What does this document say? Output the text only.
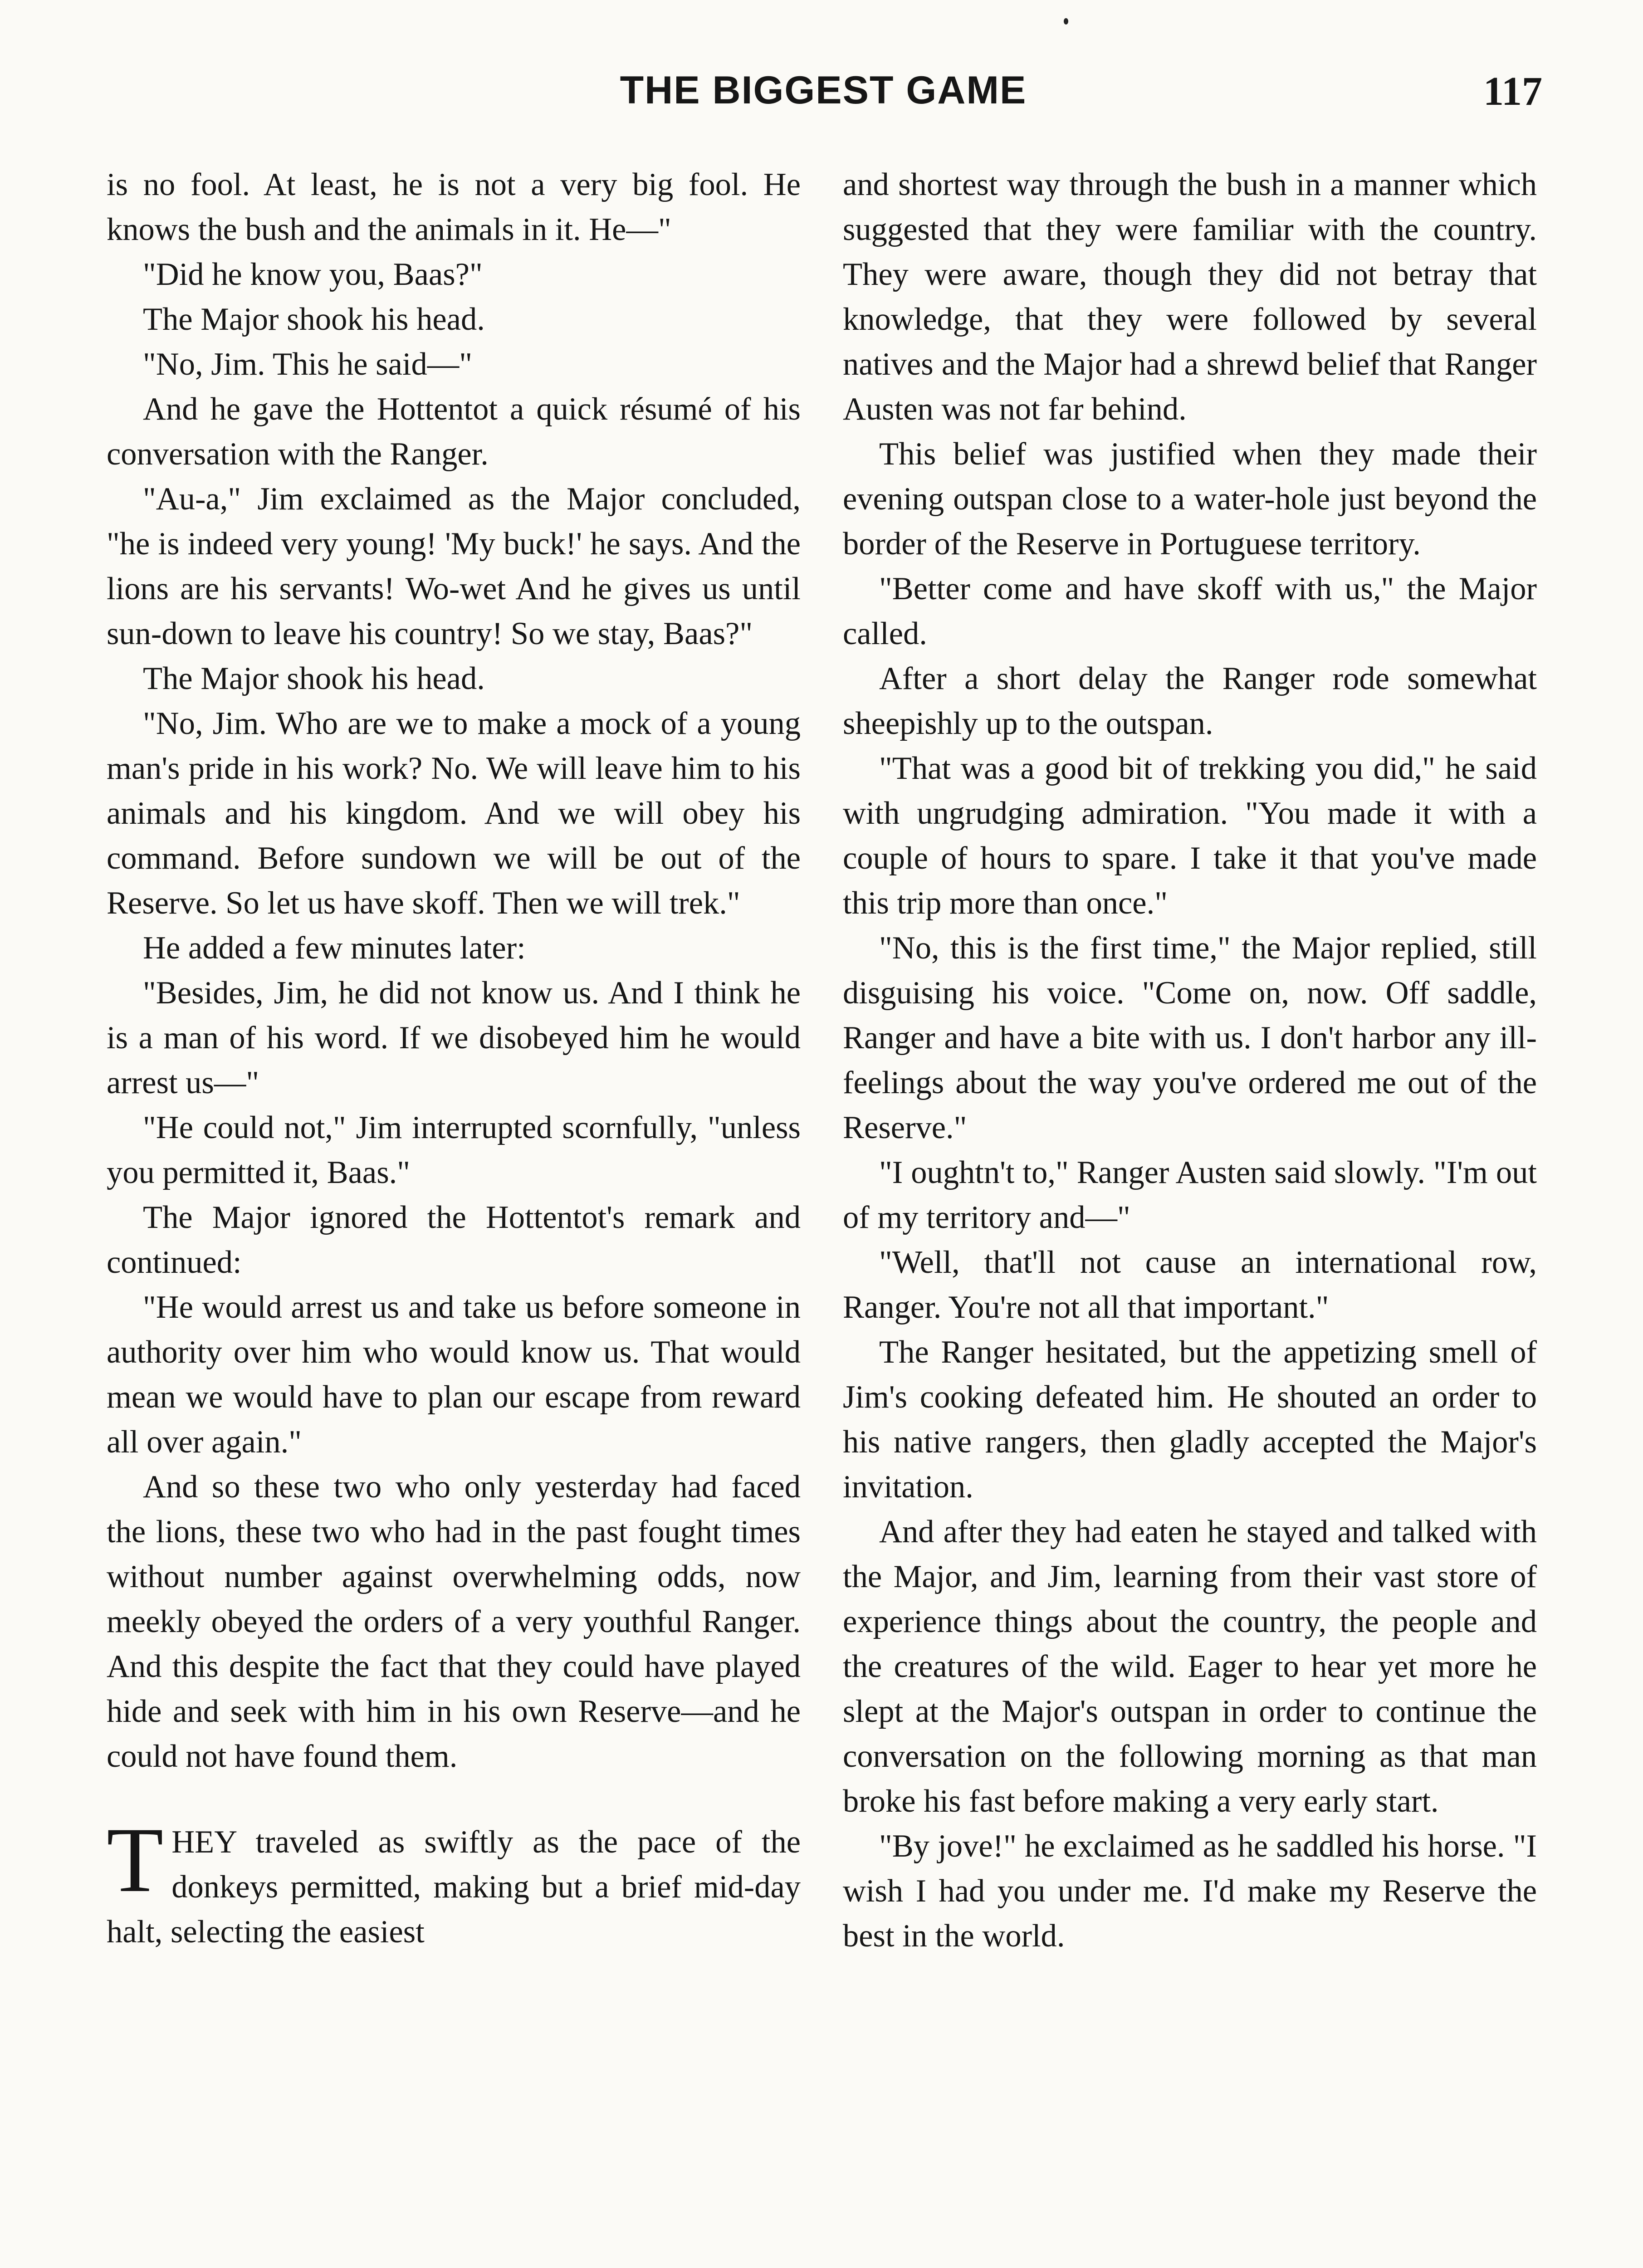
THE BIGGEST GAME	117

is no fool. At least, he is not a very big fool. He knows the bush and the animals in it. He—"

"Did he know you, Baas?"

The Major shook his head.

"No, Jim. This he said—"

And he gave the Hottentot a quick résumé of his conversation with the Ranger.

"Au-a," Jim exclaimed as the Major concluded, "he is indeed very young! 'My buck!' he says. And the lions are his servants! Wo-wet And he gives us until sun-down to leave his country! So we stay, Baas?"

The Major shook his head.

"No, Jim. Who are we to make a mock of a young man's pride in his work? No. We will leave him to his animals and his kingdom. And we will obey his command. Before sundown we will be out of the Reserve. So let us have skoff. Then we will trek."

He added a few minutes later:

"Besides, Jim, he did not know us. And I think he is a man of his word. If we disobeyed him he would arrest us—"

"He could not," Jim interrupted scornfully, "unless you permitted it, Baas."

The Major ignored the Hottentot's remark and continued:

"He would arrest us and take us before someone in authority over him who would know us. That would mean we would have to plan our escape from reward all over again."

And so these two who only yesterday had faced the lions, these two who had in the past fought times without number against overwhelming odds, now meekly obeyed the orders of a very youthful Ranger. And this despite the fact that they could have played hide and seek with him in his own Reserve—and he could not have found them.

THEY traveled as swiftly as the pace of the donkeys permitted, making but a brief mid-day halt, selecting the easiest

and shortest way through the bush in a manner which suggested that they were familiar with the country. They were aware, though they did not betray that knowledge, that they were followed by several natives and the Major had a shrewd belief that Ranger Austen was not far behind.

This belief was justified when they made their evening outspan close to a water-hole just beyond the border of the Reserve in Portuguese territory.

"Better come and have skoff with us," the Major called.

After a short delay the Ranger rode somewhat sheepishly up to the outspan.

"That was a good bit of trekking you did," he said with ungrudging admiration. "You made it with a couple of hours to spare. I take it that you've made this trip more than once."

"No, this is the first time," the Major replied, still disguising his voice. "Come on, now. Off saddle, Ranger and have a bite with us. I don't harbor any ill-feelings about the way you've ordered me out of the Reserve."

"I oughtn't to," Ranger Austen said slowly. "I'm out of my territory and—"

"Well, that'll not cause an international row, Ranger. You're not all that important."

The Ranger hesitated, but the appetizing smell of Jim's cooking defeated him. He shouted an order to his native rangers, then gladly accepted the Major's invitation.

And after they had eaten he stayed and talked with the Major, and Jim, learning from their vast store of experience things about the country, the people and the creatures of the wild. Eager to hear yet more he slept at the Major's outspan in order to continue the conversation on the following morning as that man broke his fast before making a very early start.

"By jove!" he exclaimed as he saddled his horse. "I wish I had you under me. I'd make my Reserve the best in the world.
